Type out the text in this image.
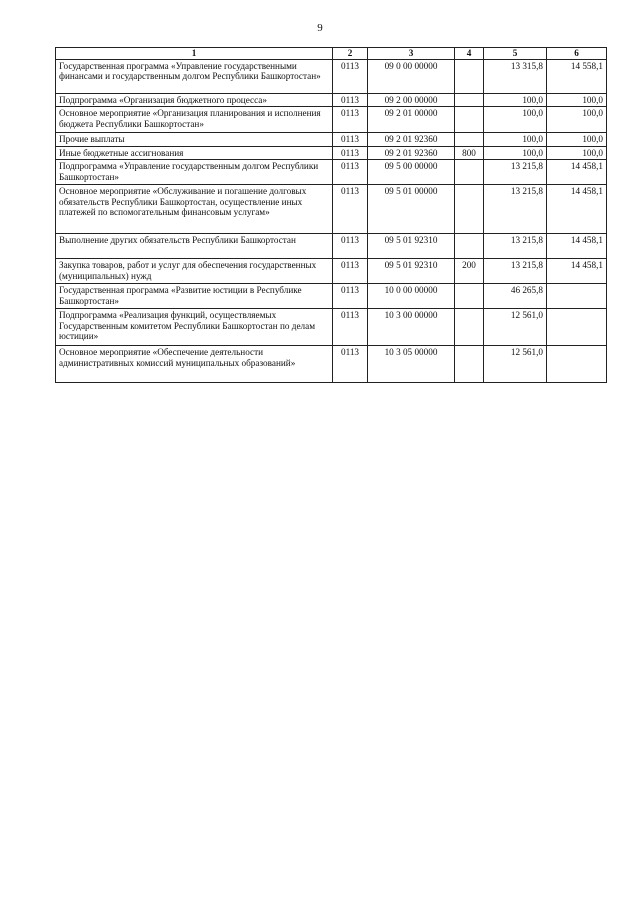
9
1	2	3	4	5	6
Государственная программа «Управление государственными финансами и государственным долгом Республики Башкортостан»	0113	09 0 00 00000		13 315,8	14 558,1
Подпрограмма «Организация бюджетного процесса»	0113	09 2 00 00000		100,0	100,0
Основное мероприятие «Организация планирования и исполнения бюджета Республики Башкортостан»	0113	09 2 01 00000		100,0	100,0
Прочие выплаты	0113	09 2 01 92360		100,0	100,0
Иные бюджетные ассигнования	0113	09 2 01 92360	800	100,0	100,0
Подпрограмма «Управление государственным долгом Республики Башкортостан»	0113	09 5 00 00000		13 215,8	14 458,1
Основное мероприятие «Обслуживание и погашение долговых обязательств Республики Башкортостан, осуществление иных платежей по вспомогательным финансовым услугам»	0113	09 5 01 00000		13 215,8	14 458,1
Выполнение других обязательств Республики Башкортостан	0113	09 5 01 92310		13 215,8	14 458,1
Закупка товаров, работ и услуг для обеспечения государственных (муниципальных) нужд	0113	09 5 01 92310	200	13 215,8	14 458,1
Государственная программа «Развитие юстиции в Республике Башкортостан»	0113	10 0 00 00000		46 265,8	
Подпрограмма «Реализация функций, осуществляемых Государственным комитетом Республики Башкортостан по делам юстиции»	0113	10 3 00 00000		12 561,0	
Основное мероприятие «Обеспечение деятельности административных комиссий муниципальных образований»	0113	10 3 05 00000		12 561,0	
